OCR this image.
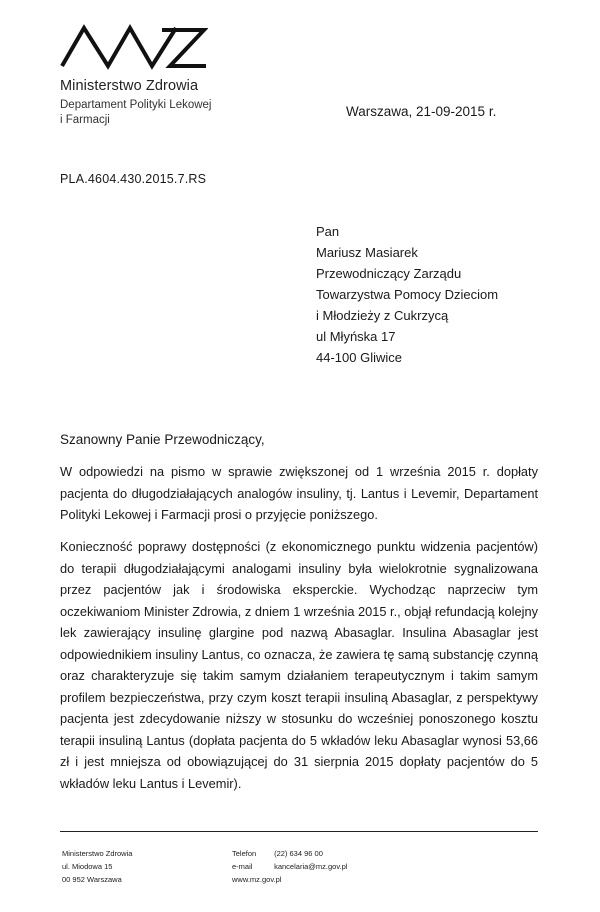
Ministerstwo Zdrowia
Departament Polityki Lekowej
i Farmacji
Warszawa, 21-09-2015 r.
PLA.4604.430.2015.7.RS
Pan
Mariusz Masiarek
Przewodniczący Zarządu
Towarzystwa Pomocy Dzieciom
i Młodzieży z Cukrzycą
ul Młyńska 17
44-100 Gliwice
Szanowny Panie Przewodniczący,
W odpowiedzi na pismo w sprawie zwiększonej od 1 września 2015 r. dopłaty pacjenta do długodziałających analogów insuliny, tj. Lantus i Levemir, Departament Polityki Lekowej i Farmacji prosi o przyjęcie poniższego.
Konieczność poprawy dostępności (z ekonomicznego punktu widzenia pacjentów) do terapii długodziałającymi analogami insuliny była wielokrotnie sygnalizowana przez pacjentów jak i środowiska eksperckie. Wychodząc naprzeciw tym oczekiwaniom Minister Zdrowia, z dniem 1 września 2015 r., objął refundacją kolejny lek zawierający insulinę glargine pod nazwą Abasaglar. Insulina Abasaglar jest odpowiednikiem insuliny Lantus, co oznacza, że zawiera tę samą substancję czynną oraz charakteryzuje się takim samym działaniem terapeutycznym i takim samym profilem bezpieczeństwa, przy czym koszt terapii insuliną Abasaglar, z perspektywy pacjenta jest zdecydowanie niższy w stosunku do wcześniej ponoszonego kosztu terapii insuliną Lantus (dopłata pacjenta do 5 wkładów leku Abasaglar wynosi 53,66 zł i jest mniejsza od obowiązującej do 31 sierpnia 2015 dopłaty pacjentów do 5 wkładów leku Lantus i Levemir).
Ministerstwo Zdrowia
ul. Miodowa 15
00 952 Warszawa
Telefon (22) 634 96 00
e-mail	kancelaria@mz.gov.pl
www.mz.gov.pl
